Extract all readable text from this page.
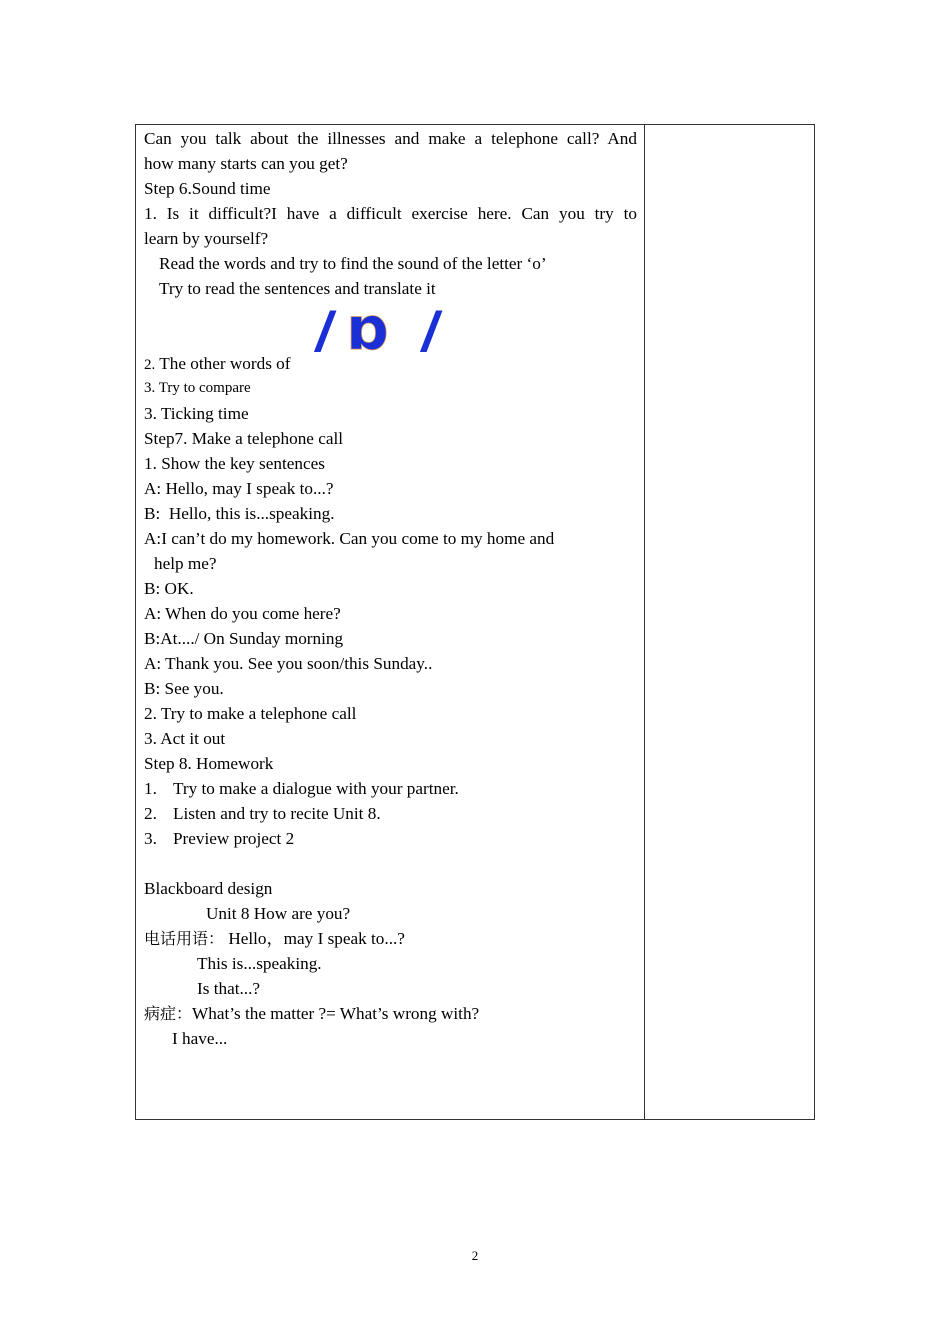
Can you talk about the illnesses and make a telephone call? And
how many starts can you get?
Step 6.Sound time
1. Is it difficult?I have a difficult exercise here. Can you try to
learn by yourself?
Read the words and try to find the sound of the letter ‘o’
Try to read the sentences and translate it
2. The other words of
/ ɒ /
3. Try to compare
3. Ticking time
Step7. Make a telephone call
1. Show the key sentences
A: Hello, may I speak to...?
B:  Hello, this is...speaking.
A:I can’t do my homework. Can you come to my home and
help me?
B: OK.
A: When do you come here?
B:At..../ On Sunday morning
A: Thank you. See you soon/this Sunday..
B: See you.
2. Try to make a telephone call
3. Act it out
Step 8. Homework
1. Try to make a dialogue with your partner.
2. Listen and try to recite Unit 8.
3. Preview project 2
Blackboard design
Unit 8 How are you?
电话用语： Hello，may I speak to...?
This is...speaking.
Is that...?
病症：What’s the matter ?= What’s wrong with?
I have...
2
